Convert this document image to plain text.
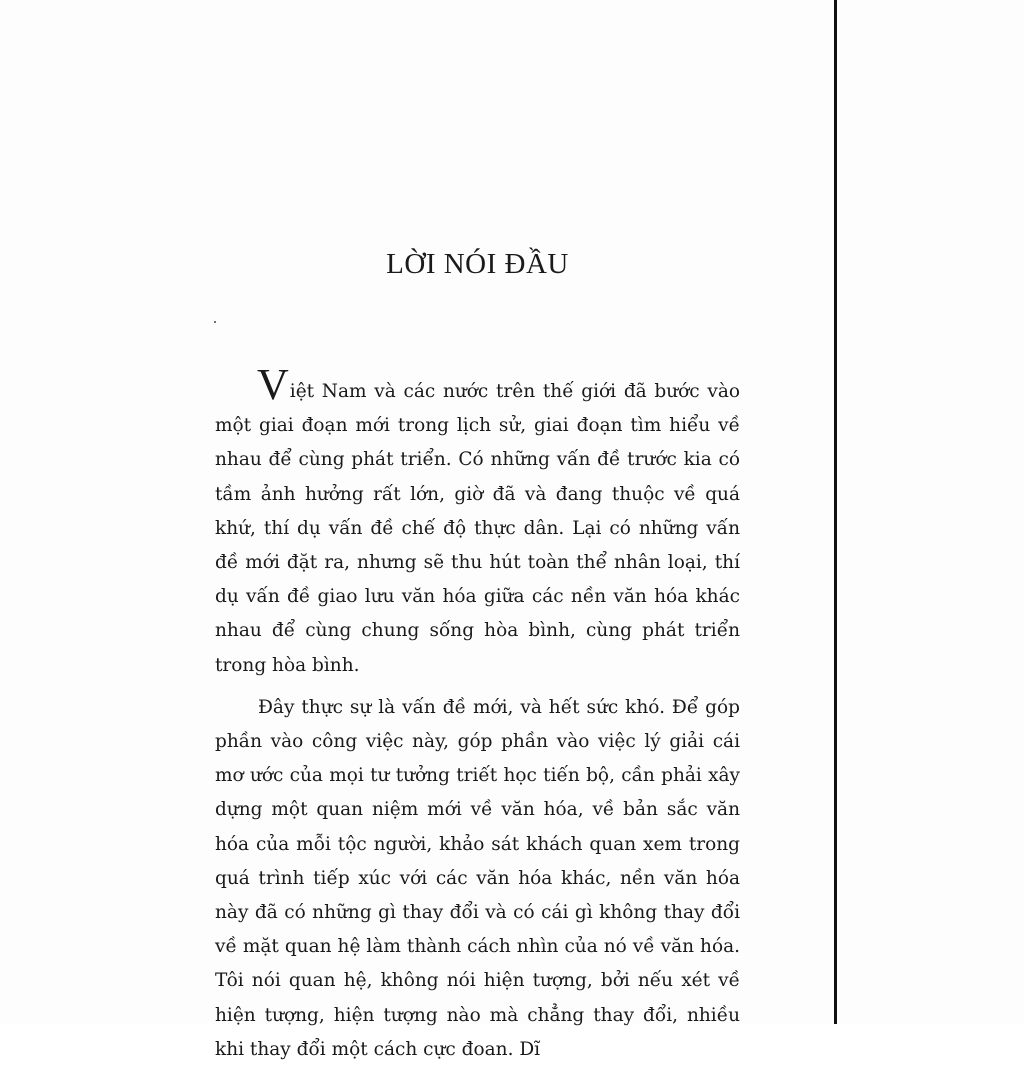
LỜI NÓI ĐẦU

Việt Nam và các nước trên thế giới đã bước vào một giai đoạn mới trong lịch sử, giai đoạn tìm hiểu về nhau để cùng phát triển. Có những vấn đề trước kia có tầm ảnh hưởng rất lớn, giờ đã và đang thuộc về quá khứ, thí dụ vấn đề chế độ thực dân. Lại có những vấn đề mới đặt ra, nhưng sẽ thu hút toàn thể nhân loại, thí dụ vấn đề giao lưu văn hóa giữa các nền văn hóa khác nhau để cùng chung sống hòa bình, cùng phát triển trong hòa bình.

Đây thực sự là vấn đề mới, và hết sức khó. Để góp phần vào công việc này, góp phần vào việc lý giải cái mơ ước của mọi tư tưởng triết học tiến bộ, cần phải xây dựng một quan niệm mới về văn hóa, về bản sắc văn hóa của mỗi tộc người, khảo sát khách quan xem trong quá trình tiếp xúc với các văn hóa khác, nền văn hóa này đã có những gì thay đổi và có cái gì không thay đổi về mặt quan hệ làm thành cách nhìn của nó về văn hóa. Tôi nói quan hệ, không nói hiện tượng, bởi nếu xét về hiện tượng, hiện tượng nào mà chẳng thay đổi, nhiều khi thay đổi một cách cực đoan. Dĩ
